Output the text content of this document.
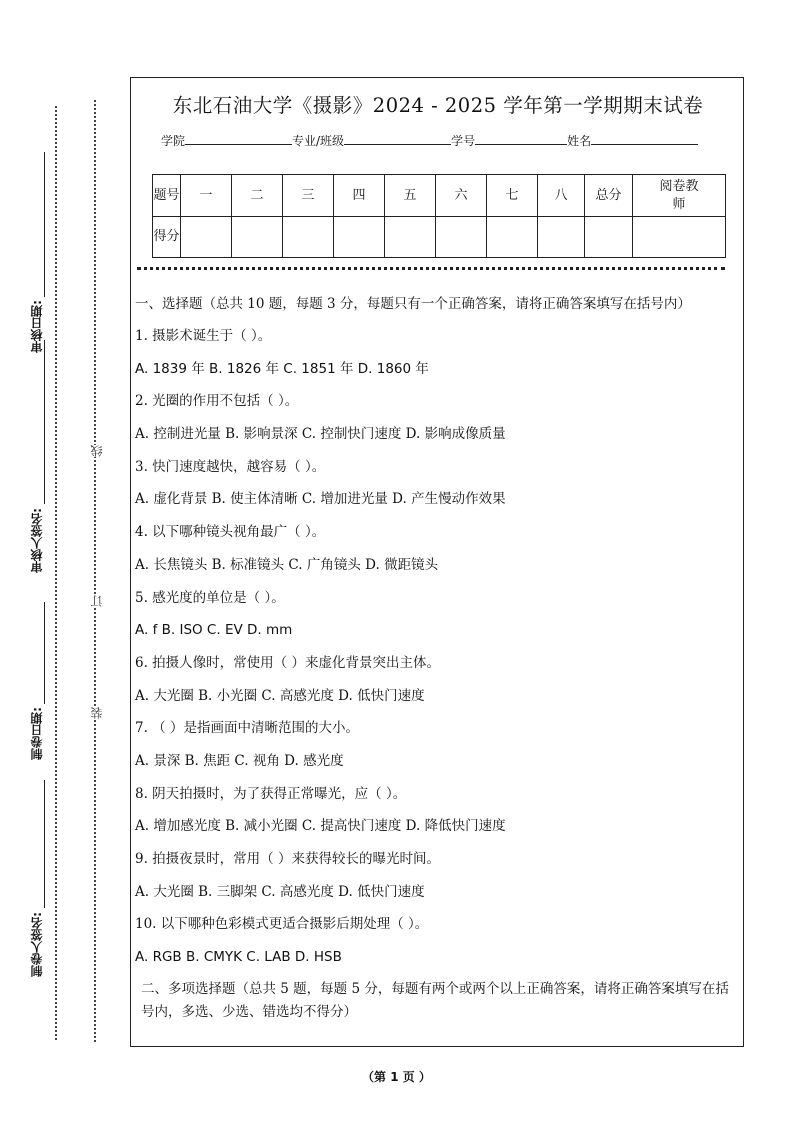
审核日期:
审核人签名:
制卷日期:
制卷人签名:
线
订
装
东北石油大学《摄影》2024 - 2025 学年第一学期期末试卷
学院	专业/班级	学号	姓名
题号	一	二	三	四	五	六	七	八	总分	阅卷教师
得分										
一、选择题（总共 10 题，每题 3 分，每题只有一个正确答案，请将正确答案填写在括号内）
1. 摄影术诞生于（ ）。
A. 1839 年 B. 1826 年 C. 1851 年 D. 1860 年
2. 光圈的作用不包括（ ）。
A. 控制进光量 B. 影响景深 C. 控制快门速度 D. 影响成像质量
3. 快门速度越快，越容易（ ）。
A. 虚化背景 B. 使主体清晰 C. 增加进光量 D. 产生慢动作效果
4. 以下哪种镜头视角最广（ ）。
A. 长焦镜头 B. 标准镜头 C. 广角镜头 D. 微距镜头
5. 感光度的单位是（ ）。
A. f B. ISO C. EV D. mm
6. 拍摄人像时，常使用（ ）来虚化背景突出主体。
A. 大光圈 B. 小光圈 C. 高感光度 D. 低快门速度
7. （ ）是指画面中清晰范围的大小。
A. 景深 B. 焦距 C. 视角 D. 感光度
8. 阴天拍摄时，为了获得正常曝光，应（ ）。
A. 增加感光度 B. 减小光圈 C. 提高快门速度 D. 降低快门速度
9. 拍摄夜景时，常用（ ）来获得较长的曝光时间。
A. 大光圈 B. 三脚架 C. 高感光度 D. 低快门速度
10. 以下哪种色彩模式更适合摄影后期处理（ ）。
A. RGB B. CMYK C. LAB D. HSB
二、多项选择题（总共 5 题，每题 5 分，每题有两个或两个以上正确答案，请将正确答案填写在括号内，多选、少选、错选均不得分）
（第 1 页 ）
